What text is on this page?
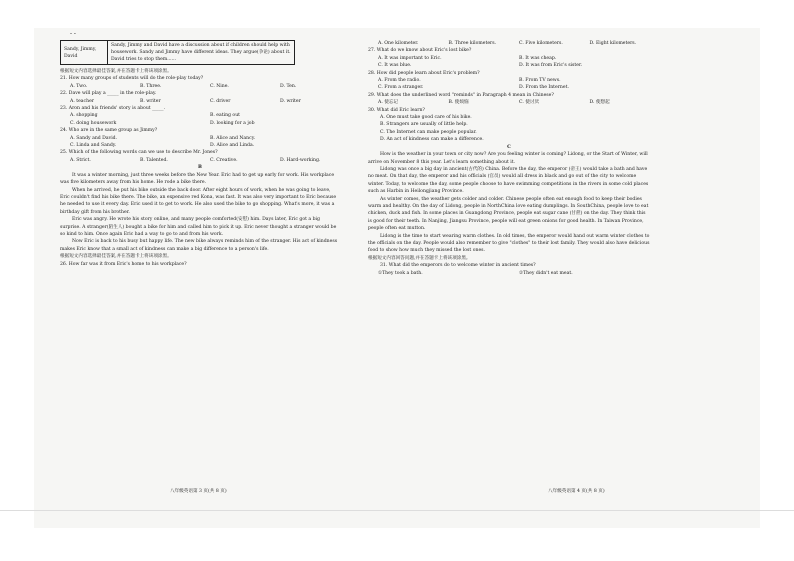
- -
Sandy, Jimmy, David	Sandy, Jimmy and David have a discussion about if children should help with housework. Sandy and Jimmy have different ideas. They argue(争论) about it. David tries to stop them......

根据短文内容选择最佳答案,并在答题卡上将该项涂黑。

21. How many groups of students will do the role-play today?

A. Two.	B. Three.	C. Nine.	D. Ten.

22. Dave will play a _____ in the role-play.

A. teacher	B. writer	C. driver	D. writer

23. Aron and his friends' story is about _____.

A. shopping	B. eating out
C. doing housework	D. looking for a job

24. Who are in the same group as Jimmy?

A. Sandy and David.	B. Alice and Nancy.
C. Linda and Sandy.	D. Alice and Linda.

25. Which of the following words can we use to describe Mr. Jones?

A. Strict.	B. Talented.	C. Creative.	D. Hard-working.

B

It was a winter morning, just three weeks before the New Year. Eric had to get up early for work. His workplace was five kilometers away from his home. He rode a bike there.

When he arrived, he put his bike outside the back door. After eight hours of work, when he was going to leave, Eric couldn't find his bike there. The bike, an expensive red Kona, was fast. It was also very important to Eric because he needed to use it every day. Eric used it to get to work. He also used the bike to go shopping. What's more, it was a birthday gift from his brother.

Eric was angry. He wrote his story online, and many people comforted(安慰) him. Days later, Eric got a big surprise. A stranger(陌生人) bought a bike for him and called him to pick it up. Eric never thought a stranger would be so kind to him. Once again Eric had a way to go to and from his work.

Now Eric is back to his busy but happy life. The new bike always reminds him of the stranger. His act of kindness makes Eric know that a small act of kindness can make a big difference to a person's life.

根据短文内容选择最佳答案,并在答题卡上将该项涂黑。

26. How far was it from Eric's home to his workplace?

八年级英语第 3 页(共 8 页)
A. One kilometer.	B. Three kilometers.	C. Five kilometers.	D. Eight kilometers.

27. What do we know about Eric's lost bike?

A. It was important to Eric.	B. It was cheap.
C. It was blue.	D. It was from Eric's sister.

28. How did people learn about Eric's problem?

A. From the radio.	B. From TV news.
C. From a stranger.	D. From the Internet.

29. What does the underlined word "reminds" in Paragraph 4 mean in Chinese?

A. 使忘记	B. 使烦恼	C. 使讨厌	D. 使想起

30. What did Eric learn?

A. One must take good care of his bike.

B. Strangers are usually of little help.

C. The Internet can make people popular.

D. An act of kindness can make a difference.

C

How is the weather in your town or city now? Are you feeling winter is coming? Lidong, or the Start of Winter, will arrive on November 8 this year. Let's learn something about it.

Lidong was once a big day in ancient(古代的) China. Before the day, the emperor (帝王) would take a bath and have no meat. On that day, the emperor and his officials (官员) would all dress in black and go out of the city to welcome winter. Today, to welcome the day, some people choose to have swimming competitions in the rivers in some cold places such as Harbin in Heilongjiang Province.

As winter comes, the weather gets colder and colder. Chinese people often eat enough food to keep their bodies warm and healthy. On the day of Lidong, people in NorthChina love eating dumplings. In SouthChina, people love to eat chicken, duck and fish. In some places in Guangdong Province, people eat sugar cane (甘蔗) on the day. They think this is good for their teeth. In Nanjing, Jiangsu Province, people will eat green onions for good health. In Taiwan Province, people often eat mutton.

Lidong is the time to start wearing warm clothes. In old times, the emperor would hand out warm winter clothes to the officials on the day. People would also remember to give "clothes" to their lost family. They would also have delicious food to show how much they missed the lost ones.

根据短文内容回答问题,并在答题卡上将该项涂黑。

31. What did the emperors do to welcome winter in ancient times?

①They took a bath.	②They didn't eat meat.
八年级英语第 4 页(共 8 页)
